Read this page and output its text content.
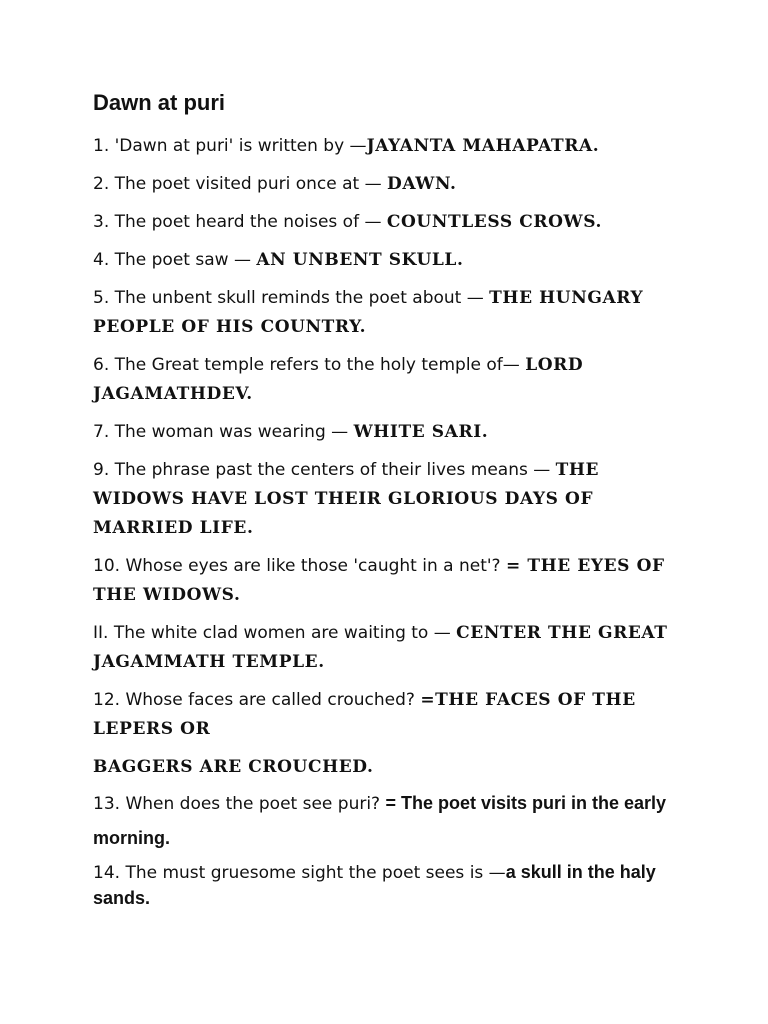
Dawn at puri
1. 'Dawn at puri' is written by —JAYANTA MAHAPATRA.
2. The poet visited puri once at — DAWN.
3. The poet heard the noises of — COUNTLESS CROWS.
4. The poet saw — AN UNBENT SKULL.
5. The unbent skull reminds the poet about — THE HUNGARY PEOPLE OF HIS COUNTRY.
6. The Great temple refers to the holy temple of— LORD JAGAMATHDEV.
7. The woman was wearing — WHITE SARI.
9. The phrase past the centers of their lives means — THE WIDOWS HAVE LOST THEIR GLORIOUS DAYS OF MARRIED LIFE.
10. Whose eyes are like those 'caught in a net'? = THE EYES OF THE WIDOWS.
II. The white clad women are waiting to — CENTER THE GREAT JAGAMMATH TEMPLE.
12. Whose faces are called crouched? =THE FACES OF THE LEPERS OR
BAGGERS ARE CROUCHED.
13. When does the poet see puri? = The poet visits puri in the early
morning.
14. The must gruesome sight the poet sees is —a skull in the haly sands.
